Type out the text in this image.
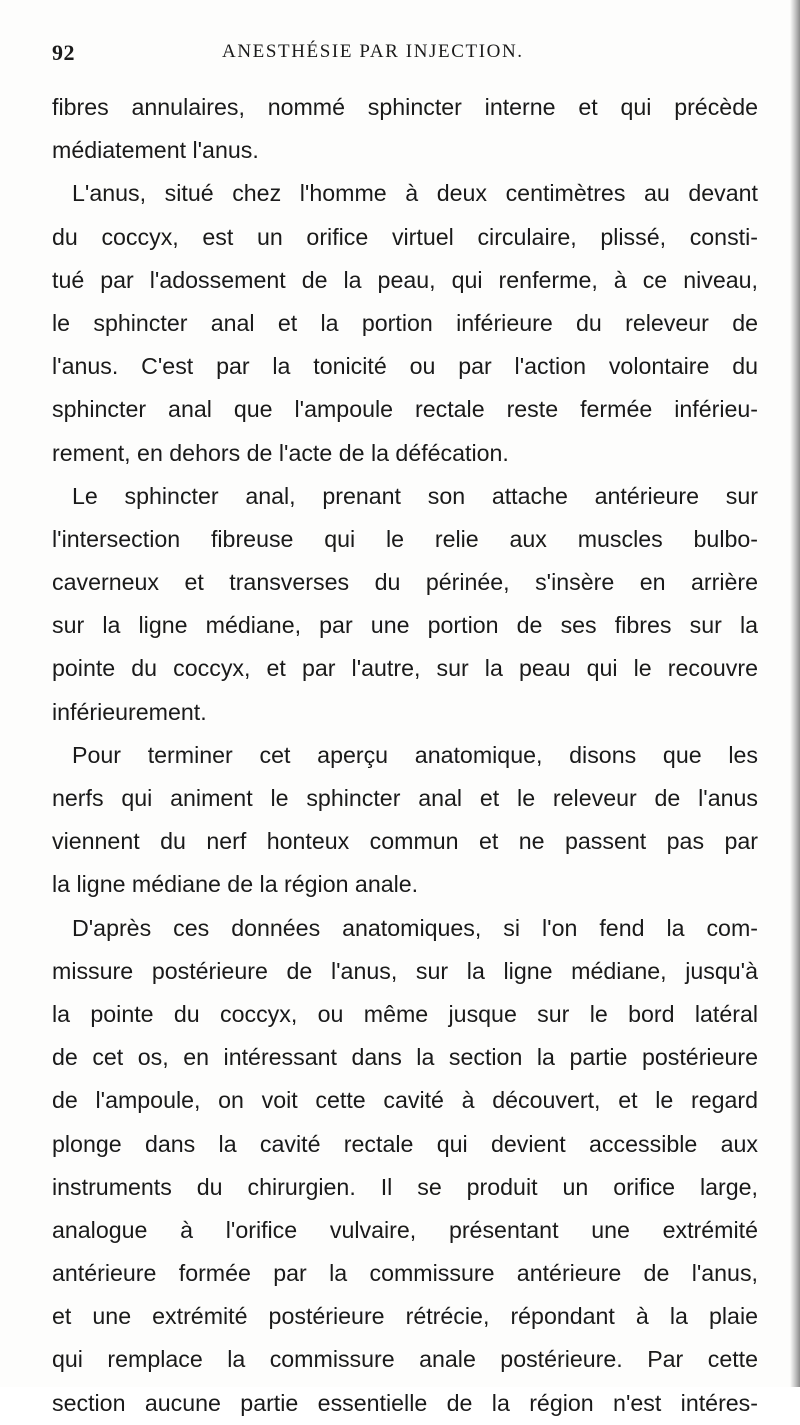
92	ANESTHÉSIE PAR INJECTION.
fibres annulaires, nommé sphincter interne et qui précède
médiatement l'anus.
L'anus, situé chez l'homme à deux centimètres au devant
du coccyx, est un orifice virtuel circulaire, plissé, consti-
tué par l'adossement de la peau, qui renferme, à ce niveau,
le sphincter anal et la portion inférieure du releveur de
l'anus. C'est par la tonicité ou par l'action volontaire du
sphincter anal que l'ampoule rectale reste fermée inférieu-
rement, en dehors de l'acte de la défécation.
Le sphincter anal, prenant son attache antérieure sur
l'intersection fibreuse qui le relie aux muscles bulbo-
caverneux et transverses du périnée, s'insère en arrière
sur la ligne médiane, par une portion de ses fibres sur la
pointe du coccyx, et par l'autre, sur la peau qui le recouvre
inférieurement.
Pour terminer cet aperçu anatomique, disons que les
nerfs qui animent le sphincter anal et le releveur de l'anus
viennent du nerf honteux commun et ne passent pas par
la ligne médiane de la région anale.
D'après ces données anatomiques, si l'on fend la com-
missure postérieure de l'anus, sur la ligne médiane, jusqu'à
la pointe du coccyx, ou même jusque sur le bord latéral
de cet os, en intéressant dans la section la partie postérieure
de l'ampoule, on voit cette cavité à découvert, et le regard
plonge dans la cavité rectale qui devient accessible aux
instruments du chirurgien. Il se produit un orifice large,
analogue à l'orifice vulvaire, présentant une extrémité
antérieure formée par la commissure antérieure de l'anus,
et une extrémité postérieure rétrécie, répondant à la plaie
qui remplace la commissure anale postérieure. Par cette
section aucune partie essentielle de la région n'est intéres-
